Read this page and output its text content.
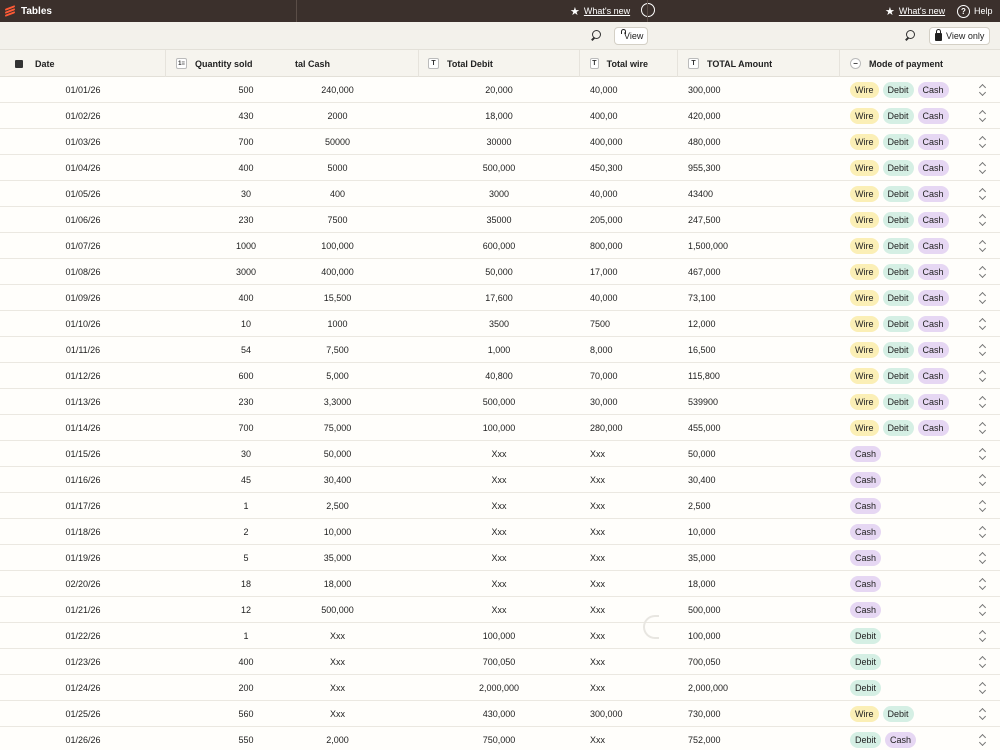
Tables	★ What's new	★ What's new	? Help
View	View only
Date	1≡ Quantity sold	tal Cash	T	Total Debit	T Total wire	T	TOTAL Amount	−	Mode of payment
01/01/26	500	240,000	20,000	40,000	300,000	Wire	Debit	Cash
01/02/26	430	2000	18,000	400,00	420,000	Wire	Debit	Cash
01/03/26	700	50000	30000	400,000	480,000	Wire	Debit	Cash
01/04/26	400	5000	500,000	450,300	955,300	Wire	Debit	Cash
01/05/26	30	400	3000	40,000	43400	Wire	Debit	Cash
01/06/26	230	7500	35000	205,000	247,500	Wire	Debit	Cash
01/07/26	1000	100,000	600,000	800,000	1,500,000	Wire	Debit	Cash
01/08/26	3000	400,000	50,000	17,000	467,000	Wire	Debit	Cash
01/09/26	400	15,500	17,600	40,000	73,100	Wire	Debit	Cash
01/10/26	10	1000	3500	7500	12,000	Wire	Debit	Cash
01/11/26	54	7,500	1,000	8,000	16,500	Wire	Debit	Cash
01/12/26	600	5,000	40,800	70,000	115,800	Wire	Debit	Cash
01/13/26	230	3,3000	500,000	30,000	539900	Wire	Debit	Cash
01/14/26	700	75,000	100,000	280,000	455,000	Wire	Debit	Cash
01/15/26	30	50,000	Xxx	Xxx	50,000	Cash
01/16/26	45	30,400	Xxx	Xxx	30,400	Cash
01/17/26	1	2,500	Xxx	Xxx	2,500	Cash
01/18/26	2	10,000	Xxx	Xxx	10,000	Cash
01/19/26	5	35,000	Xxx	Xxx	35,000	Cash
02/20/26	18	18,000	Xxx	Xxx	18,000	Cash
01/21/26	12	500,000	Xxx	Xxx	500,000	Cash
01/22/26	1	Xxx	100,000	Xxx	100,000	Debit
01/23/26	400	Xxx	700,050	Xxx	700,050	Debit
01/24/26	200	Xxx	2,000,000	Xxx	2,000,000	Debit
01/25/26	560	Xxx	430,000	300,000	730,000	Wire	Debit
01/26/26	550	2,000	750,000	Xxx	752,000	Debit	Cash
